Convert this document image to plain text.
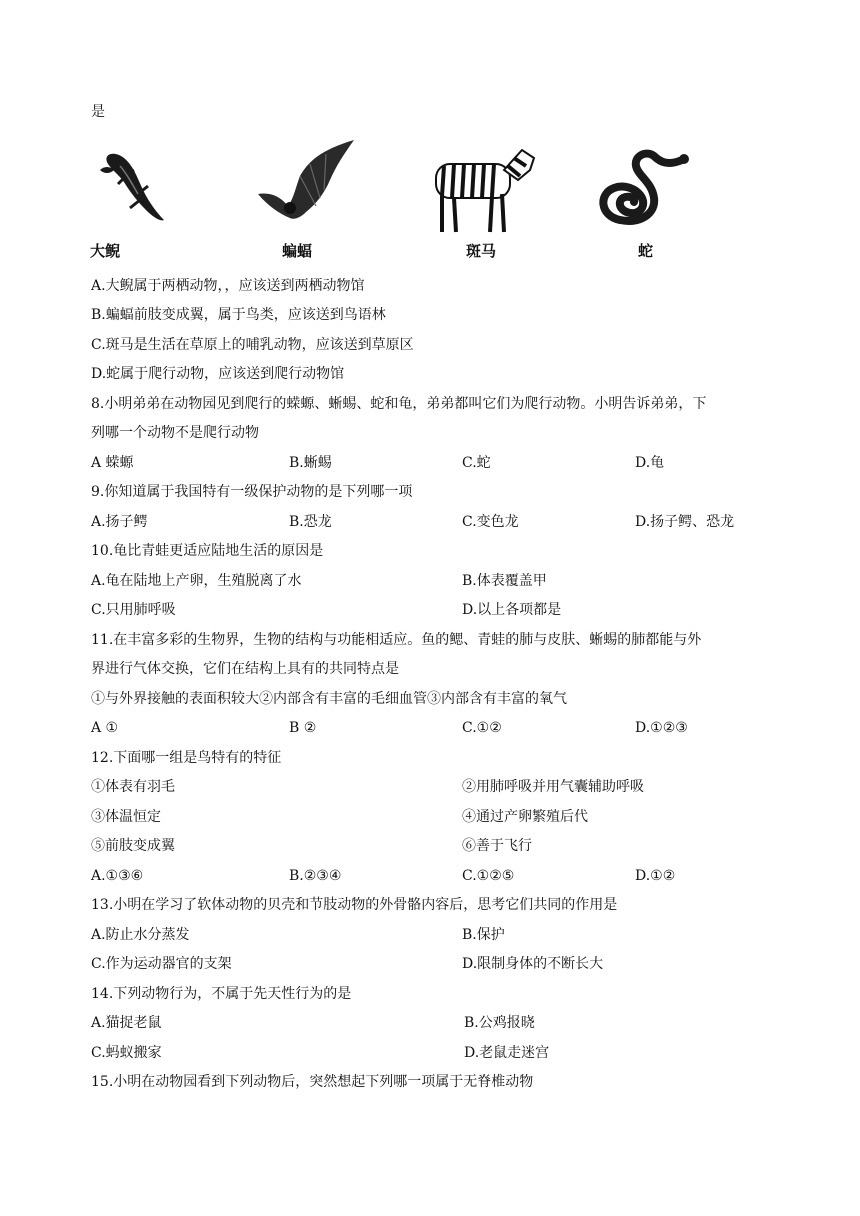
是
大鲵	蝙蝠	斑马	蛇
A.大鲵属于两栖动物，，应该送到两栖动物馆
B.蝙蝠前肢变成翼，属于鸟类，应该送到鸟语林
C.斑马是生活在草原上的哺乳动物，应该送到草原区
D.蛇属于爬行动物，应该送到爬行动物馆
8.小明弟弟在动物园见到爬行的蝾螈、蜥蜴、蛇和龟，弟弟都叫它们为爬行动物。小明告诉弟弟，下
列哪一个动物不是爬行动物
A 蝾螈	B.蜥蜴	C.蛇	D.龟
9.你知道属于我国特有一级保护动物的是下列哪一项
A.扬子鳄	B.恐龙	C.变色龙	D.扬子鳄、恐龙
10.龟比青蛙更适应陆地生活的原因是
A.龟在陆地上产卵，生殖脱离了水	B.体表覆盖甲
C.只用肺呼吸	D.以上各项都是
11.在丰富多彩的生物界，生物的结构与功能相适应。鱼的鳃、青蛙的肺与皮肤、蜥蜴的肺都能与外
界进行气体交换，它们在结构上具有的共同特点是
①与外界接触的表面积较大②内部含有丰富的毛细血管③内部含有丰富的氧气
A ①	B ②	C.①②	D.①②③
12.下面哪一组是鸟特有的特征
①体表有羽毛	②用肺呼吸并用气囊辅助呼吸
③体温恒定	④通过产卵繁殖后代
⑤前肢变成翼	⑥善于飞行
A.①③⑥	B.②③④	C.①②⑤	D.①②
13.小明在学习了软体动物的贝壳和节肢动物的外骨骼内容后，思考它们共同的作用是
A.防止水分蒸发	B.保护
C.作为运动器官的支架	D.限制身体的不断长大
14.下列动物行为，不属于先天性行为的是
A.猫捉老鼠	B.公鸡报晓
C.蚂蚁搬家	D.老鼠走迷宫
15.小明在动物园看到下列动物后，突然想起下列哪一项属于无脊椎动物
